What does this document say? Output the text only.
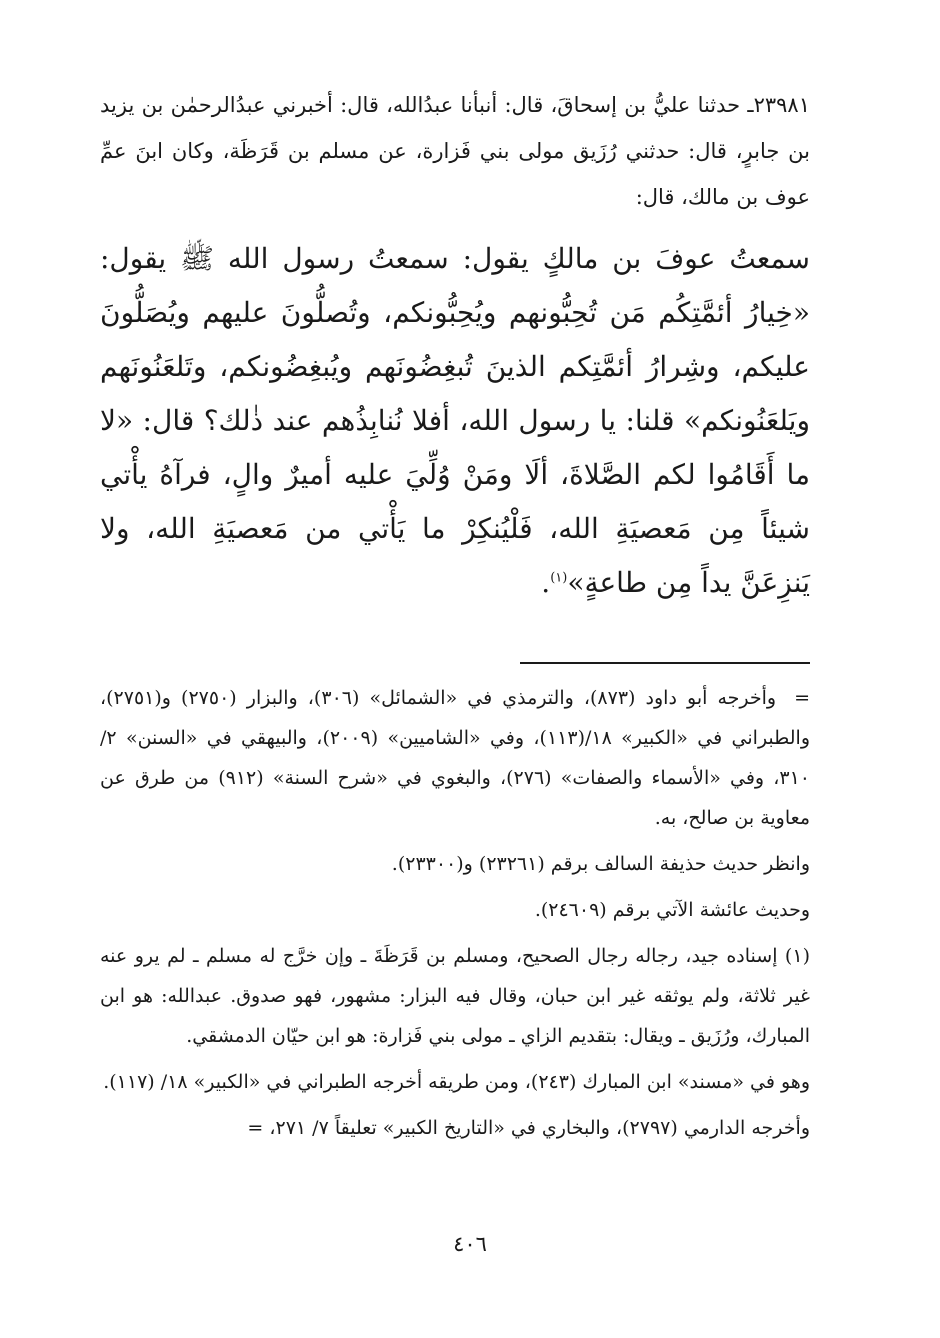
٢٣٩٨١ـ حدثنا عليُّ بن إسحاقَ، قال: أنبأنا عبدُالله، قال: أخبرني عبدُالرحمٰن بن يزيد بن جابرٍ، قال: حدثني رُزَيق مولى بني فَزارة، عن مسلم بن قَرَظَة، وكان ابنَ عمِّ عوف بن مالك، قال:

سمعتُ عوفَ بن مالكٍ يقول: سمعتُ رسول الله ﷺ يقول: «خِيارُ أئمَّتِكُم مَن تُحِبُّونهم ويُحِبُّونكم، وتُصلُّونَ عليهم ويُصَلُّونَ عليكم، وشِرارُ أئمَّتِكم الذينَ تُبغِضُونَهم ويُبغِضُونكم، وتَلعَنُونَهم ويَلعَنُونكم» قلنا: يا رسول الله، أفلا نُنابِذُهم عند ذٰلك؟ قال: «لا ما أَقَامُوا لكم الصَّلاةَ، ألَا ومَنْ وُلِّيَ عليه أميرٌ والٍ، فرآهُ يأْتي شيئاً مِن مَعصيَةِ الله، فَلْيُنكِرْ ما يَأْتي من مَعصيَةِ الله، ولا يَنزِعَنَّ يداً مِن طاعةٍ»$^{(١)}$.

=وأخرجه أبو داود (٨٧٣)، والترمذي في «الشمائل» (٣٠٦)، والبزار (٢٧٥٠) و(٢٧٥١)، والطبراني في «الكبير» ١٨/(١١٣)، وفي «الشاميين» (٢٠٠٩)، والبيهقي في «السنن» ٢/ ٣١٠، وفي «الأسماء والصفات» (٢٧٦)، والبغوي في «شرح السنة» (٩١٢) من طرق عن معاوية بن صالح، به.

وانظر حديث حذيفة السالف برقم (٢٣٢٦١) و(٢٣٣٠٠).

وحديث عائشة الآتي برقم (٢٤٦٠٩).

(١) إسناده جيد، رجاله رجال الصحيح، ومسلم بن قَرَظَةَ ـ وإن خرَّج له مسلم ـ لم يرو عنه غير ثلاثة، ولم يوثقه غير ابن حبان، وقال فيه البزار: مشهور، فهو صدوق. عبدالله: هو ابن المبارك، ورُزَيق ـ ويقال: بتقديم الزاي ـ مولى بني فَزارة: هو ابن حيّان الدمشقي.

وهو في «مسند» ابن المبارك (٢٤٣)، ومن طريقه أخرجه الطبراني في «الكبير» ١٨/ (١١٧).

وأخرجه الدارمي (٢٧٩٧)، والبخاري في «التاريخ الكبير» تعليقاً ٧/ ٢٧١، =

٤٠٦
